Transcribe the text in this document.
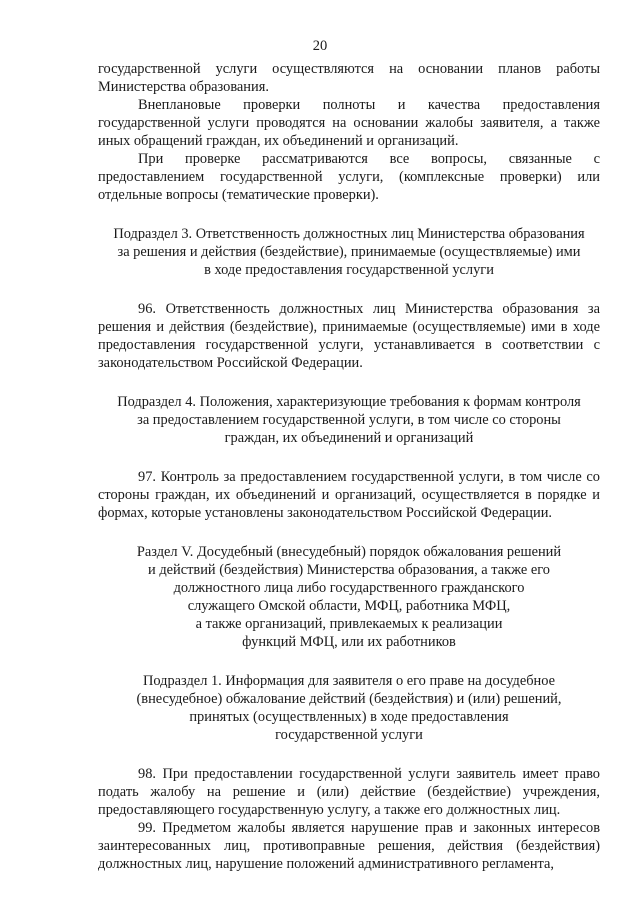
20

государственной услуги осуществляются на основании планов работы Министерства образования.

Внеплановые проверки полноты и качества предоставления государственной услуги проводятся на основании жалобы заявителя, а также иных обращений граждан, их объединений и организаций.

При проверке рассматриваются все вопросы, связанные с предоставлением государственной услуги, (комплексные проверки) или отдельные вопросы (тематические проверки).

Подраздел 3. Ответственность должностных лиц Министерства образования
за решения и действия (бездействие), принимаемые (осуществляемые) ими
в ходе предоставления государственной услуги

96. Ответственность должностных лиц Министерства образования за решения и действия (бездействие), принимаемые (осуществляемые) ими в ходе предоставления государственной услуги, устанавливается в соответствии с законодательством Российской Федерации.

Подраздел 4. Положения, характеризующие требования к формам контроля
за предоставлением государственной услуги, в том числе со стороны
граждан, их объединений и организаций

97. Контроль за предоставлением государственной услуги, в том числе со стороны граждан, их объединений и организаций, осуществляется в порядке и формах, которые установлены законодательством Российской Федерации.

Раздел V. Досудебный (внесудебный) порядок обжалования решений
и действий (бездействия) Министерства образования, а также его
должностного лица либо государственного гражданского
служащего Омской области, МФЦ, работника МФЦ,
а также организаций, привлекаемых к реализации
функций МФЦ, или их работников
Подраздел 1. Информация для заявителя о его праве на досудебное
(внесудебное) обжалование действий (бездействия) и (или) решений,
принятых (осуществленных) в ходе предоставления
государственной услуги

98. При предоставлении государственной услуги заявитель имеет право подать жалобу на решение и (или) действие (бездействие) учреждения, предоставляющего государственную услугу, а также его должностных лиц.

99. Предметом жалобы является нарушение прав и законных интересов заинтересованных лиц, противоправные решения, действия (бездействия) должностных лиц, нарушение положений административного регламента,
